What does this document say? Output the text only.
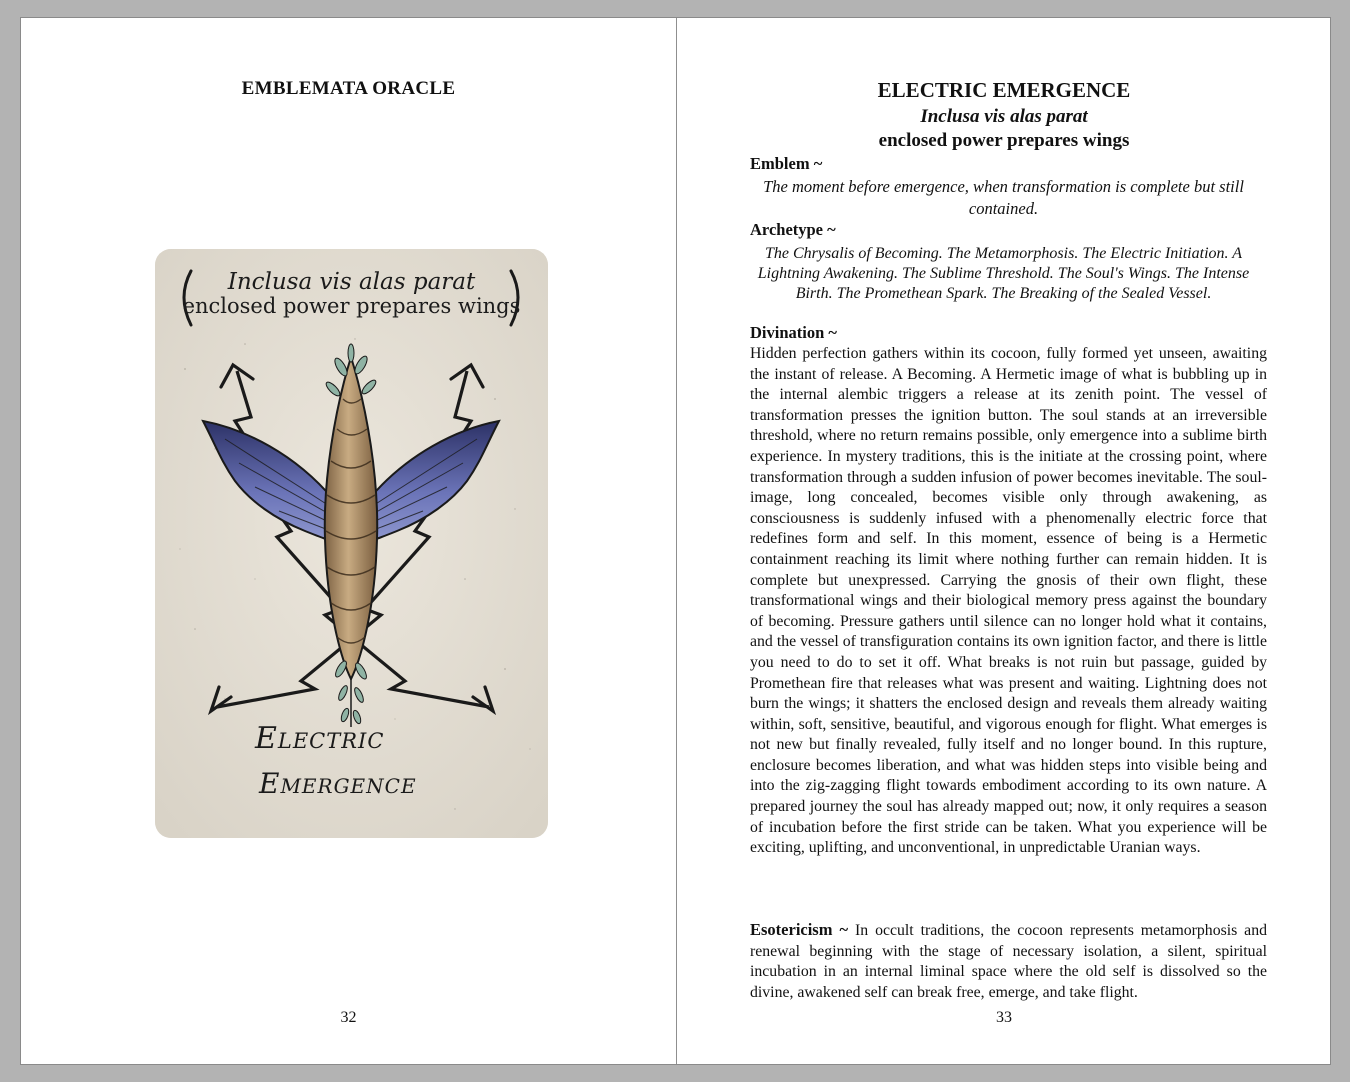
EMBLEMATA ORACLE
Inclusa vis alas parat
enclosed power prepares wings
Electric
Emergence
32
ELECTRIC EMERGENCE
Inclusa vis alas parat
enclosed power prepares wings
Emblem ~
The moment before emergence, when transformation is complete but still contained.
Archetype ~
The Chrysalis of Becoming. The Metamorphosis. The Electric Initiation. A Lightning Awakening. The Sublime Threshold. The Soul's Wings. The Intense Birth. The Promethean Spark. The Breaking of the Sealed Vessel.
Divination ~
Hidden perfection gathers within its cocoon, fully formed yet unseen, awaiting the instant of release. A Becoming. A Hermetic image of what is bubbling up in the internal alembic triggers a release at its zenith point. The vessel of transformation presses the ignition button. The soul stands at an irreversible threshold, where no return remains possible, only emergence into a sublime birth experience. In mystery traditions, this is the initiate at the crossing point, where transformation through a sudden infusion of power becomes inevitable. The soul-image, long concealed, becomes visible only through awakening, as consciousness is suddenly infused with a phenomenally electric force that redefines form and self. In this moment, essence of being is a Hermetic containment reaching its limit where nothing further can remain hidden. It is complete but unexpressed. Carrying the gnosis of their own flight, these transformational wings and their biological memory press against the boundary of becoming. Pressure gathers until silence can no longer hold what it contains, and the vessel of transfiguration contains its own ignition factor, and there is little you need to do to set it off. What breaks is not ruin but passage, guided by Promethean fire that releases what was present and waiting. Lightning does not burn the wings; it shatters the enclosed design and reveals them already waiting within, soft, sensitive, beautiful, and vigorous enough for flight. What emerges is not new but finally revealed, fully itself and no longer bound. In this rupture, enclosure becomes liberation, and what was hidden steps into visible being and into the zig-zagging flight towards embodiment according to its own nature. A prepared journey the soul has already mapped out; now, it only requires a season of incubation before the first stride can be taken. What you experience will be exciting, uplifting, and unconventional, in unpredictable Uranian ways.

Esotericism ~ In occult traditions, the cocoon represents metamorphosis and renewal beginning with the stage of necessary isolation, a silent, spiritual incubation in an internal liminal space where the old self is dissolved so the divine, awakened self can break free, emerge, and take flight.

33
